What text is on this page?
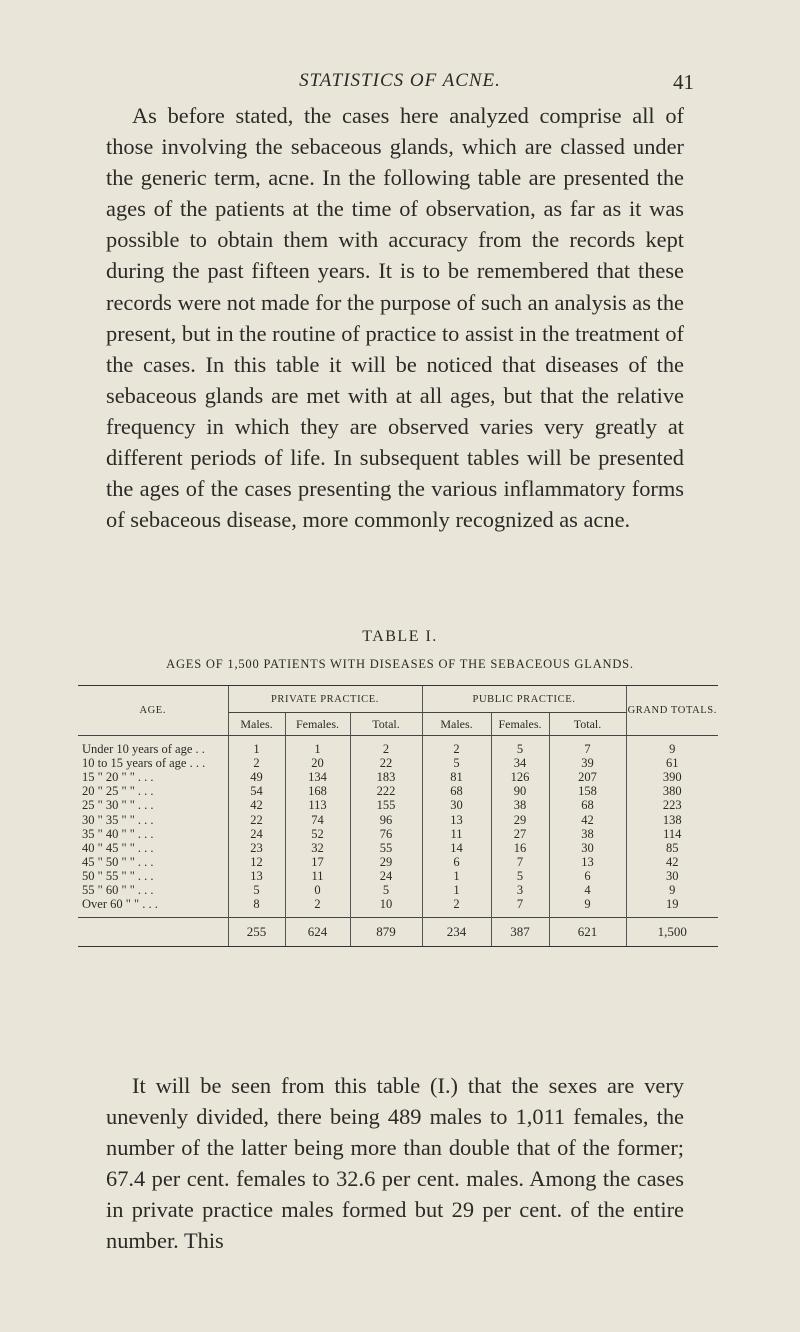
STATISTICS OF ACNE.	41

As before stated, the cases here analyzed comprise all of those involving the sebaceous glands, which are classed under the generic term, acne. In the following table are presented the ages of the patients at the time of observation, as far as it was possible to obtain them with accuracy from the records kept during the past fifteen years. It is to be remembered that these records were not made for the purpose of such an analysis as the present, but in the routine of practice to assist in the treatment of the cases. In this table it will be noticed that diseases of the sebaceous glands are met with at all ages, but that the relative frequency in which they are observed varies very greatly at different periods of life. In subsequent tables will be presented the ages of the cases presenting the various inflammatory forms of sebaceous disease, more commonly recognized as acne.

TABLE I.
AGES OF 1,500 PATIENTS WITH DISEASES OF THE SEBACEOUS GLANDS.
AGE.	PRIVATE PRACTICE.			PUBLIC PRACTICE.			GRAND TOTALS.
	Males.	Females.	Total.	Males.	Females.	Total.	
Under 10 years of age . .	1	1	2	2	5	7	9
10 to 15 years of age . . .	2	20	22	5	34	39	61
15 " 20 " " . . .	49	134	183	81	126	207	390
20 " 25 " " . . .	54	168	222	68	90	158	380
25 " 30 " " . . .	42	113	155	30	38	68	223
30 " 35 " " . . .	22	74	96	13	29	42	138
35 " 40 " " . . .	24	52	76	11	27	38	114
40 " 45 " " . . .	23	32	55	14	16	30	85
45 " 50 " " . . .	12	17	29	6	7	13	42
50 " 55 " " . . .	13	11	24	1	5	6	30
55 " 60 " " . . .	5	0	5	1	3	4	9
Over 60 " " . . .	8	2	10	2	7	9	19
	255	624	879	234	387	621	1,500

It will be seen from this table (I.) that the sexes are very unevenly divided, there being 489 males to 1,011 females, the number of the latter being more than double that of the former; 67.4 per cent. females to 32.6 per cent. males. Among the cases in private practice males formed but 29 per cent. of the entire number. This
